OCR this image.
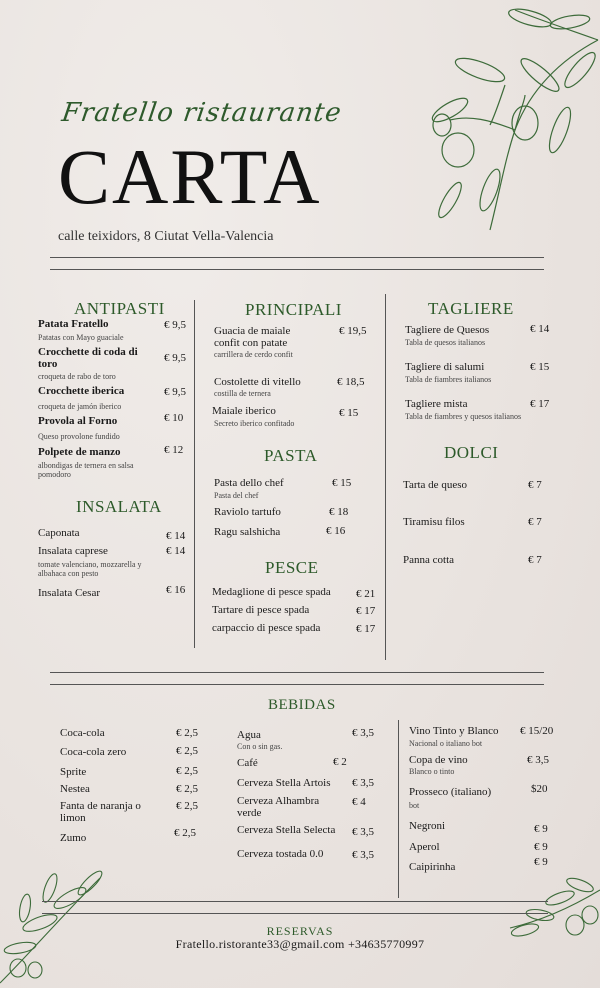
Fratello ristaurante
CARTA
calle teixidors, 8 Ciutat Vella-Valencia
ANTIPASTI
Patata Fratello	€ 9,5
Patatas con Mayo guaciale
Crocchette di coda di toro	€ 9,5
croqueta de rabo de toro
Crocchette iberica	€ 9,5
croqueta de jamón iberico
Provola al Forno	€ 10
Queso provolone fundido
Polpete de manzo	€ 12
albondigas de ternera en salsa pomodoro
INSALATA
Caponata	€ 14
Insalata caprese	€ 14
tomate valenciano, mozzarella y albahaca con pesto
Insalata Cesar	€ 16
PRINCIPALI
Guacia de maiale confit con patate
€ 19,5
carrillera de cerdo confit
Costolette di vitello	€ 18,5
costilla de ternera
Maiale iberico	€ 15
Secreto iberico confitado
PASTA
Pasta dello chef	€ 15
Pasta del chef
Raviolo tartufo	€ 18
Ragu salshicha	€ 16
PESCE
Medaglione di pesce spada € 21
Tartare di pesce spada	€ 17
carpaccio di pesce spada	€ 17
TAGLIERE
Tagliere de Quesos	€ 14
Tabla de quesos italianos
Tagliere di salumi	€ 15
Tabla de fiambres italianos
Tagliere mista	€ 17
Tabla de fiambres y quesos italianos
DOLCI
Tarta de queso	€ 7
Tiramisu filos	€ 7
Panna cotta	€ 7
BEBIDAS
Coca-cola	€ 2,5
Coca-cola zero	€ 2,5
Sprite	€ 2,5
Nestea	€ 2,5
Fanta de naranja o limon
€ 2,5
Zumo	€ 2,5
Agua	€ 3,5
Con o sin gas.
Café	€ 2
Cerveza Stella Artois € 3,5
Cerveza Alhambra verde
€ 4
Cerveza Stella Selecta € 3,5
Cerveza tostada 0.0	€ 3,5
Vino Tinto y Blanco € 15/20
Nacional o italiano bot
Copa de vino	€ 3,5
Blanco o tinto
Prosseco (italiano)	$20
bot
Negroni	€ 9
Aperol	€ 9
Caipirinha	€ 9
RESERVAS
Fratello.ristorante33@gmail.com +34635770997
